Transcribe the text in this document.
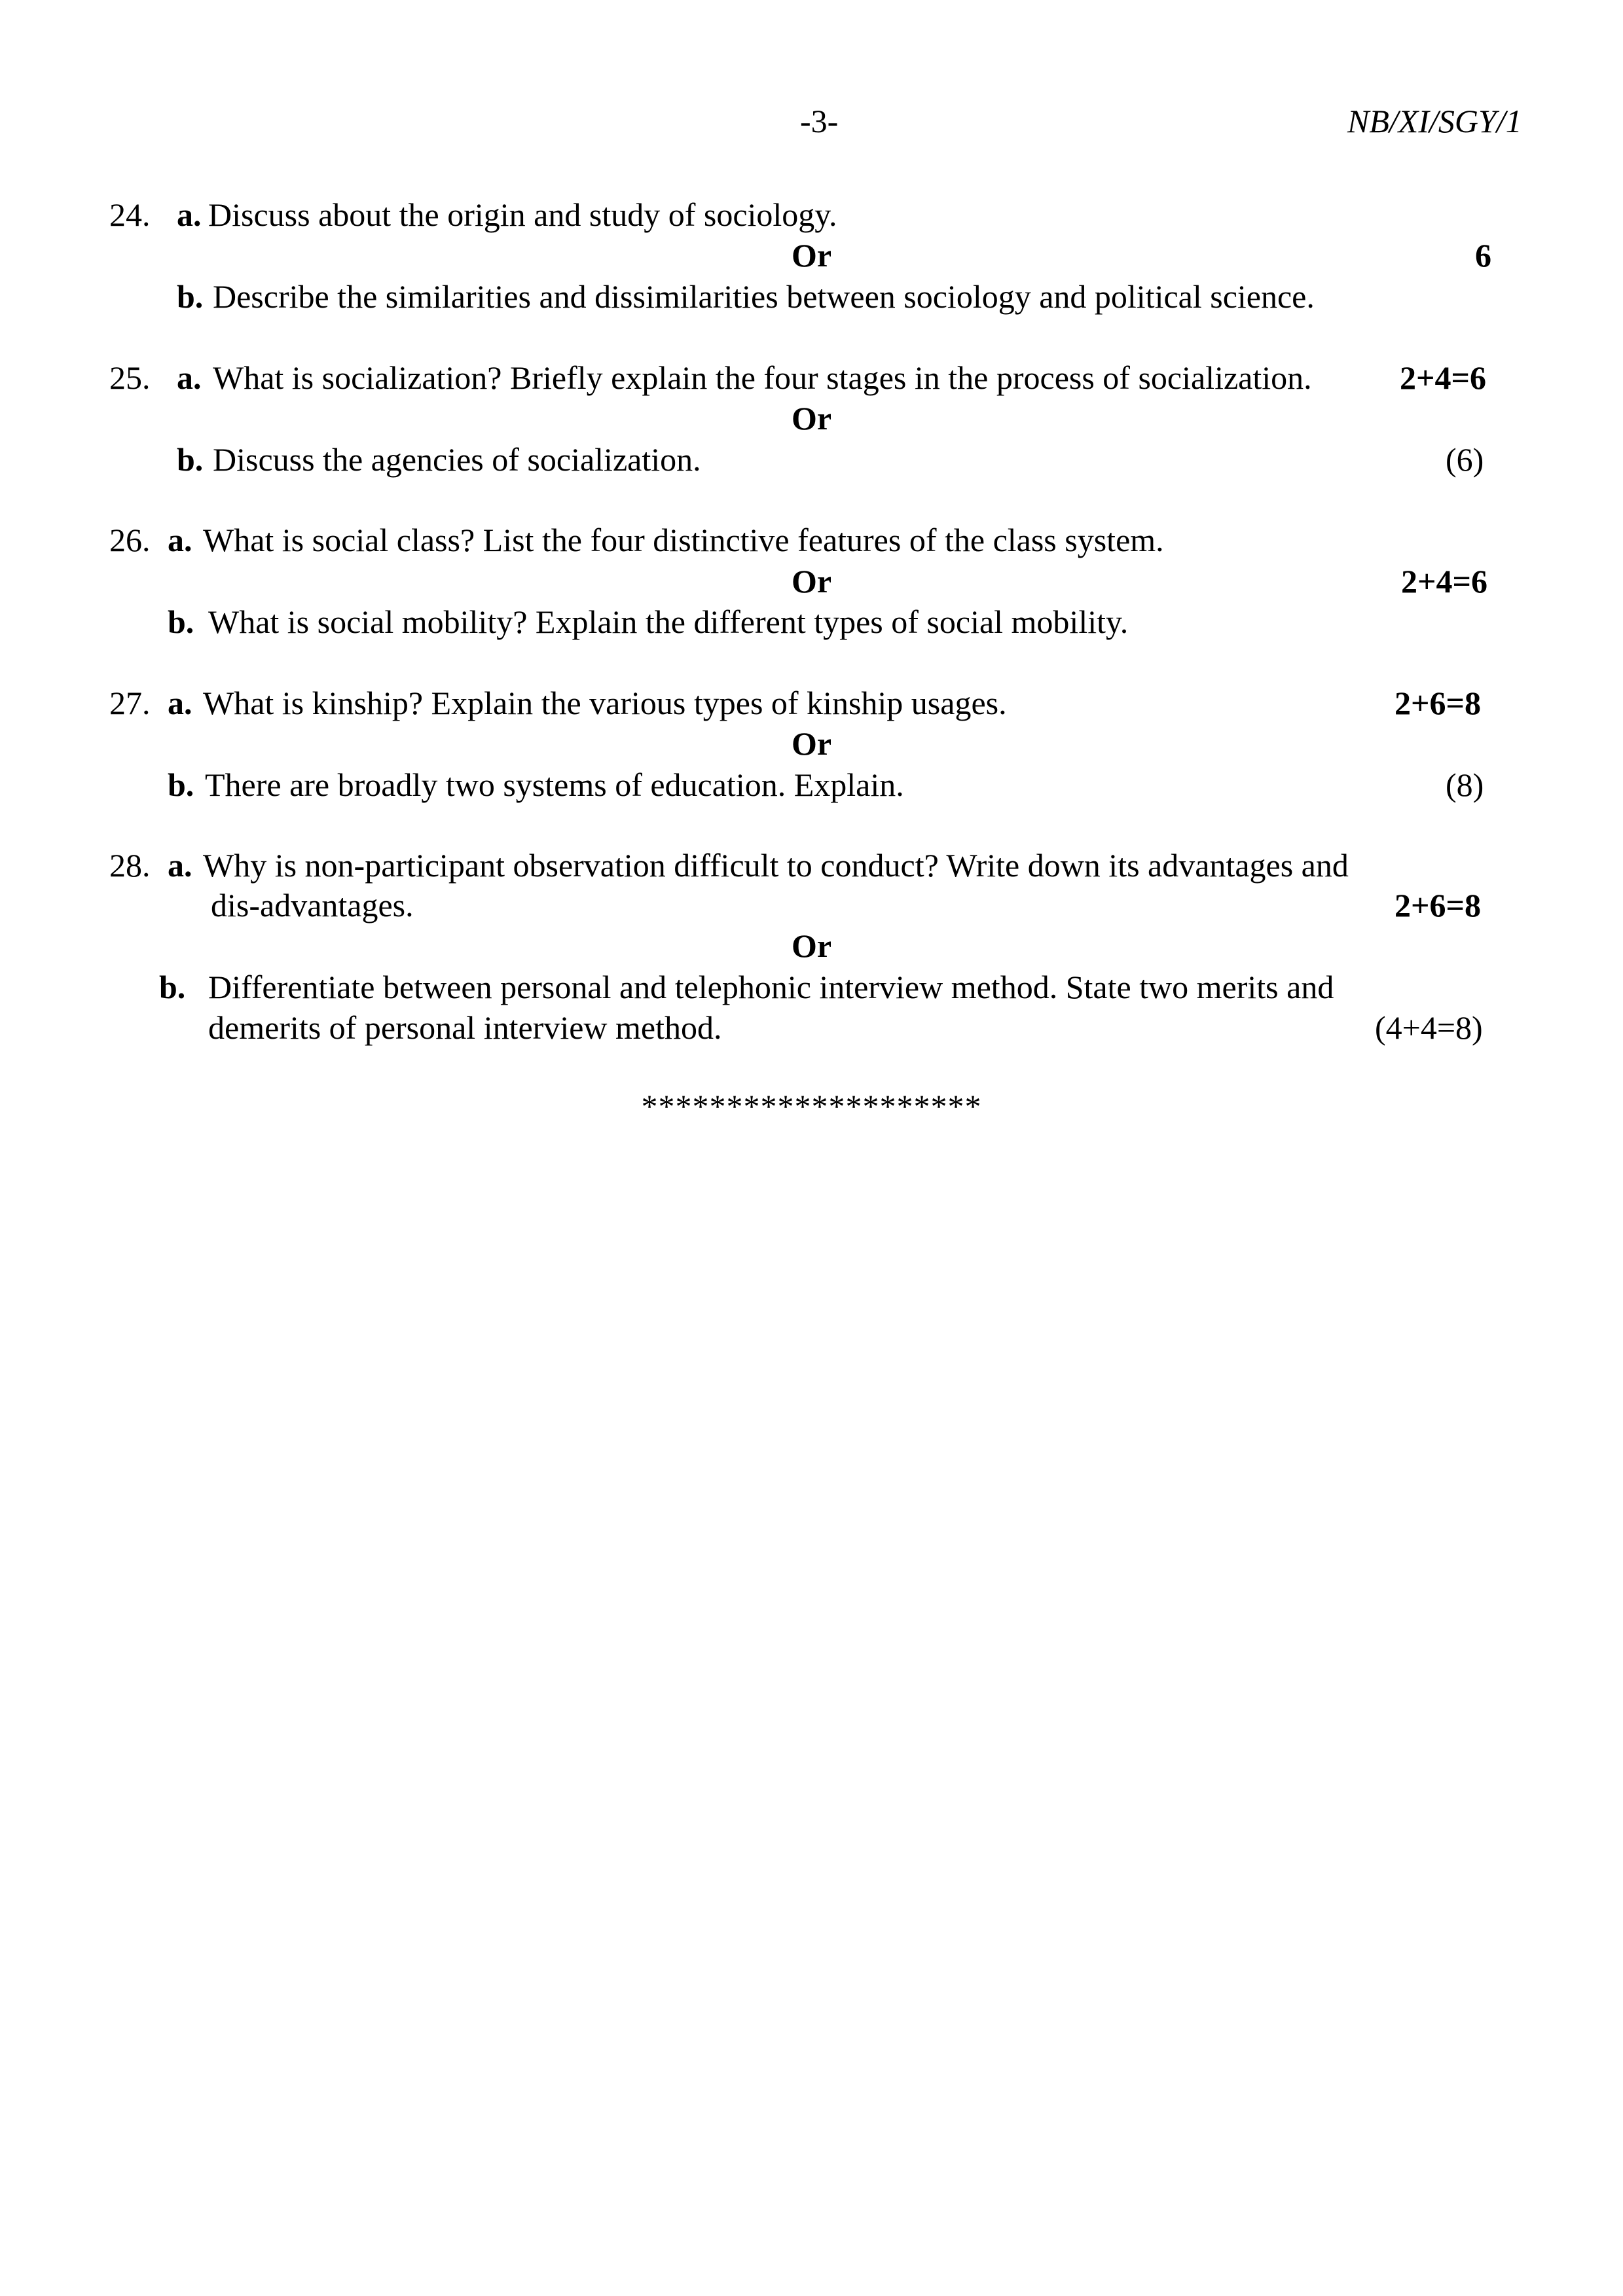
-3-	NB/XI/SGY/1
24. a. Discuss about the origin and study of sociology.
Or	6
b. Describe the similarities and dissimilarities between sociology and political science.
25. a. What is socialization? Briefly explain the four stages in the process of socialization.	2+4=6
Or
b. Discuss the agencies of socialization.	(6)
26. a. What is social class? List the four distinctive features of the class system.
Or	2+4=6
b. What is social mobility? Explain the different types of social mobility.
27. a. What is kinship? Explain the various types of kinship usages.	2+6=8
Or
b. There are broadly two systems of education. Explain.	(8)
28. a. Why is non-participant observation difficult to conduct? Write down its advantages and
dis-advantages.	2+6=8
Or
b. Differentiate between personal and telephonic interview method. State two merits and
demerits of personal interview method.	(4+4=8)
********************
